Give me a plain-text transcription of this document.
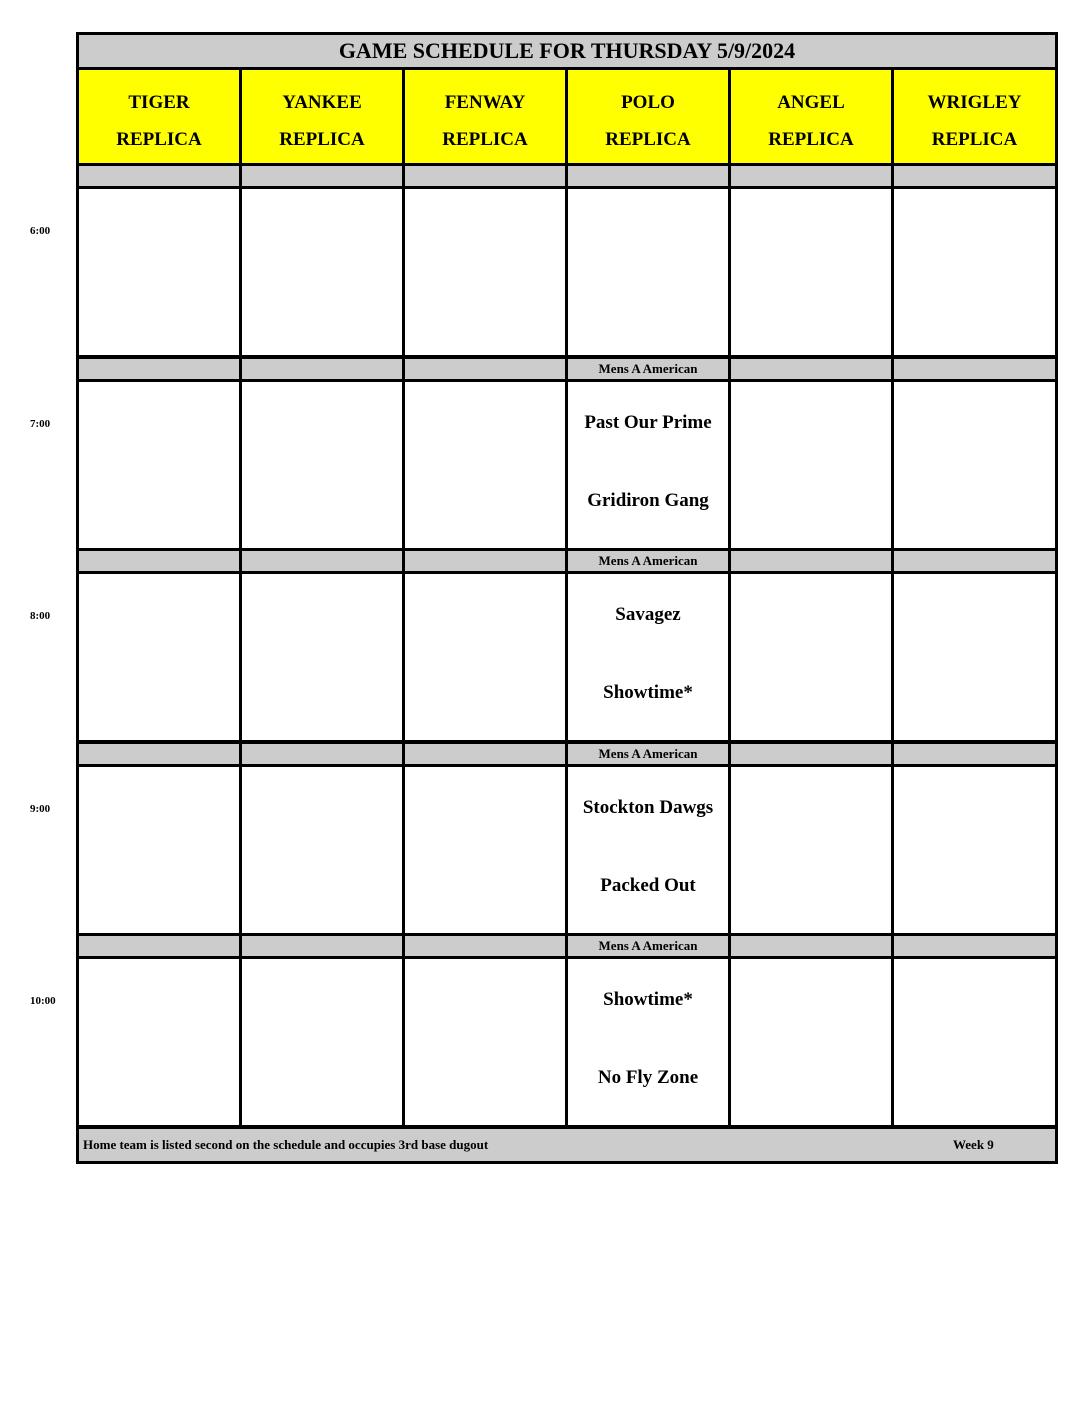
GAME SCHEDULE FOR THURSDAY 5/9/2024
TIGER
REPLICA
YANKEE
REPLICA
FENWAY
REPLICA
POLO
REPLICA
ANGEL
REPLICA
WRIGLEY
REPLICA
Mens A American
Past Our Prime
Gridiron Gang
Mens A American
Savagez
Showtime*
Mens A American
Stockton Dawgs
Packed Out
Mens A American
Showtime*
No Fly Zone
Home team is listed second on the schedule and occupies 3rd base dugout	Week 9
6:00
7:00
8:00
9:00
10:00
